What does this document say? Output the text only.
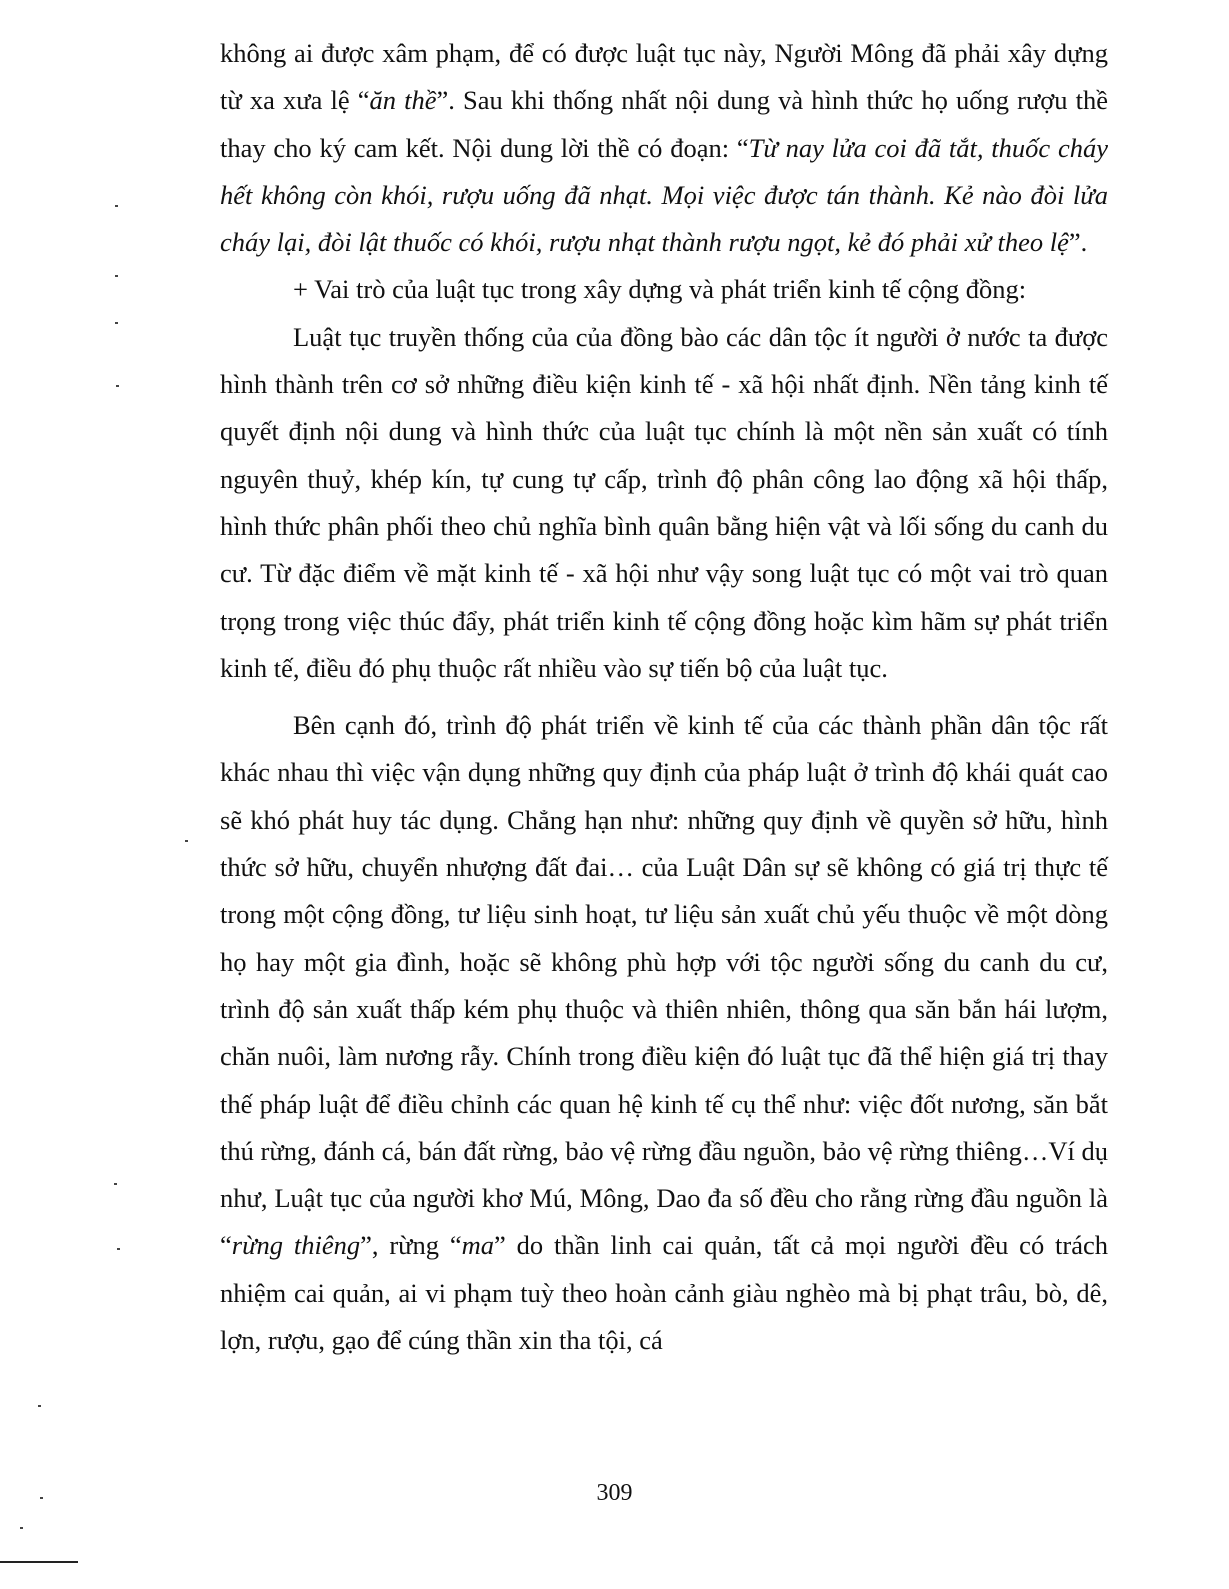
không ai được xâm phạm, để có được luật tục này, Người Mông đã phải xây dựng từ xa xưa lệ “ăn thề”. Sau khi thống nhất nội dung và hình thức họ uống rượu thề thay cho ký cam kết. Nội dung lời thề có đoạn: “Từ nay lửa coi đã tắt, thuốc cháy hết không còn khói, rượu uống đã nhạt. Mọi việc được tán thành. Kẻ nào đòi lửa cháy lại, đòi lật thuốc có khói, rượu nhạt thành rượu ngọt, kẻ đó phải xử theo lệ”.

+ Vai trò của luật tục trong xây dựng và phát triển kinh tế cộng đồng:

Luật tục truyền thống của của đồng bào các dân tộc ít người ở nước ta được hình thành trên cơ sở những điều kiện kinh tế - xã hội nhất định. Nền tảng kinh tế quyết định nội dung và hình thức của luật tục chính là một nền sản xuất có tính nguyên thuỷ, khép kín, tự cung tự cấp, trình độ phân công lao động xã hội thấp, hình thức phân phối theo chủ nghĩa bình quân bằng hiện vật và lối sống du canh du cư. Từ đặc điểm về mặt kinh tế - xã hội như vậy song luật tục có một vai trò quan trọng trong việc thúc đẩy, phát triển kinh tế cộng đồng hoặc kìm hãm sự phát triển kinh tế, điều đó phụ thuộc rất nhiều vào sự tiến bộ của luật tục.

Bên cạnh đó, trình độ phát triển về kinh tế của các thành phần dân tộc rất khác nhau thì việc vận dụng những quy định của pháp luật ở trình độ khái quát cao sẽ khó phát huy tác dụng. Chẳng hạn như: những quy định về quyền sở hữu, hình thức sở hữu, chuyển nhượng đất đai… của Luật Dân sự sẽ không có giá trị thực tế trong một cộng đồng, tư liệu sinh hoạt, tư liệu sản xuất chủ yếu thuộc về một dòng họ hay một gia đình, hoặc sẽ không phù hợp với tộc người sống du canh du cư, trình độ sản xuất thấp kém phụ thuộc và thiên nhiên, thông qua săn bắn hái lượm, chăn nuôi, làm nương rẫy. Chính trong điều kiện đó luật tục đã thể hiện giá trị thay thế pháp luật để điều chỉnh các quan hệ kinh tế cụ thể như: việc đốt nương, săn bắt thú rừng, đánh cá, bán đất rừng, bảo vệ rừng đầu nguồn, bảo vệ rừng thiêng…Ví dụ như, Luật tục của người khơ Mú, Mông, Dao đa số đều cho rằng rừng đầu nguồn là “rừng thiêng”, rừng “ma” do thần linh cai quản, tất cả mọi người đều có trách nhiệm cai quản, ai vi phạm tuỳ theo hoàn cảnh giàu nghèo mà bị phạt trâu, bò, dê, lợn, rượu, gạo để cúng thần xin tha tội, cá

309
